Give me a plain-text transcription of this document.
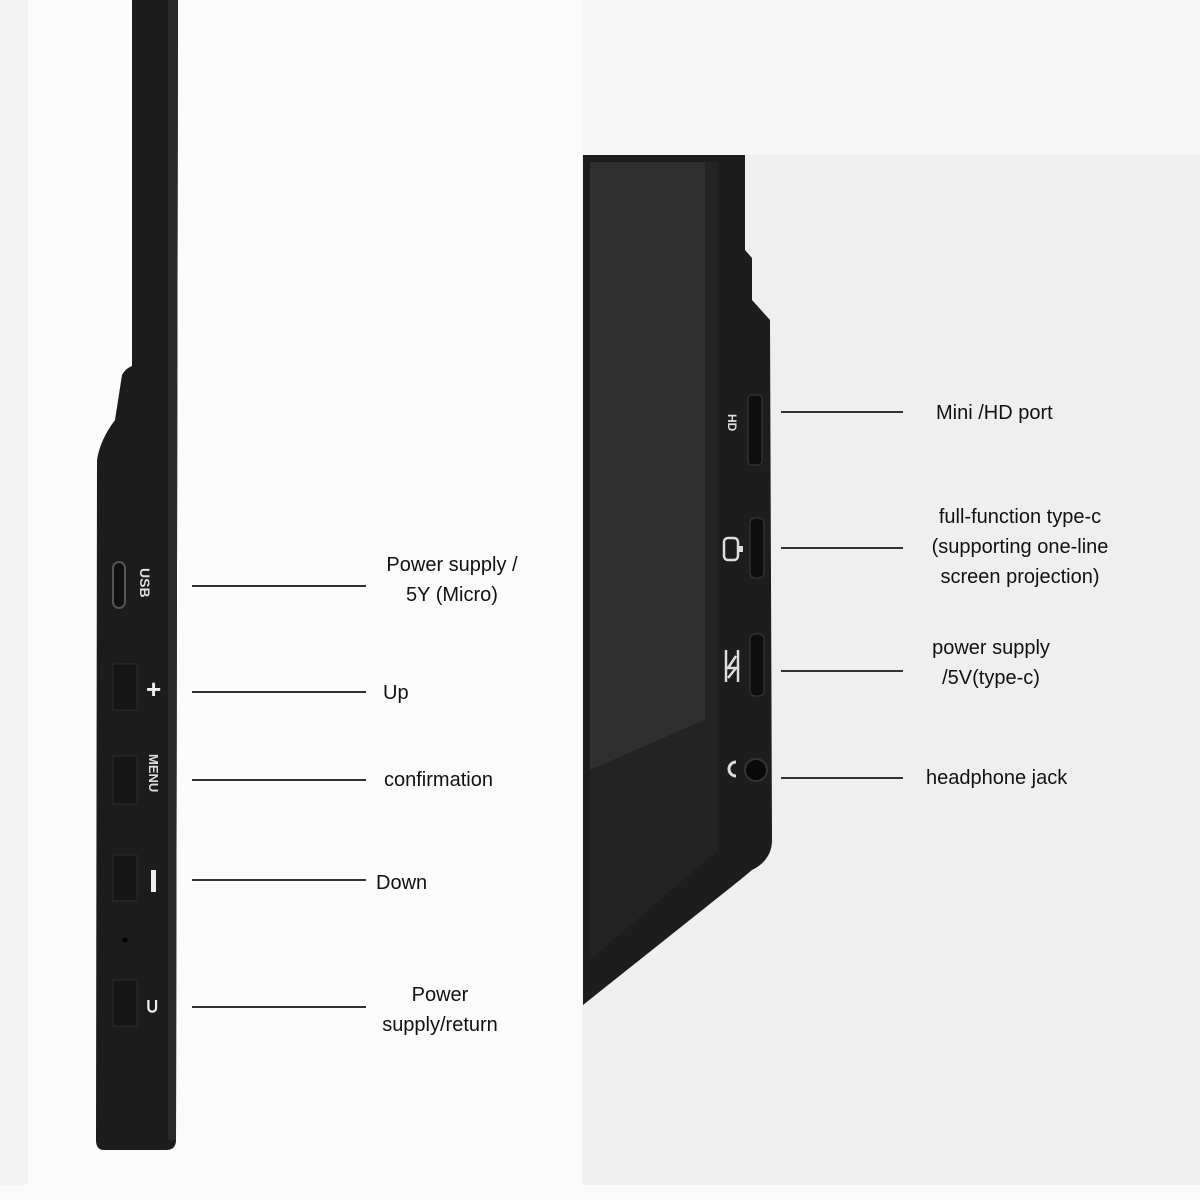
USB
+
MENU
⊃
HD
Power supply /
5Y (Micro)
Up
confirmation
Down
Power
supply/return
Mini /HD port
full-function type-c
(supporting one-line
screen projection)
power supply
/5V(type-c)
headphone jack
